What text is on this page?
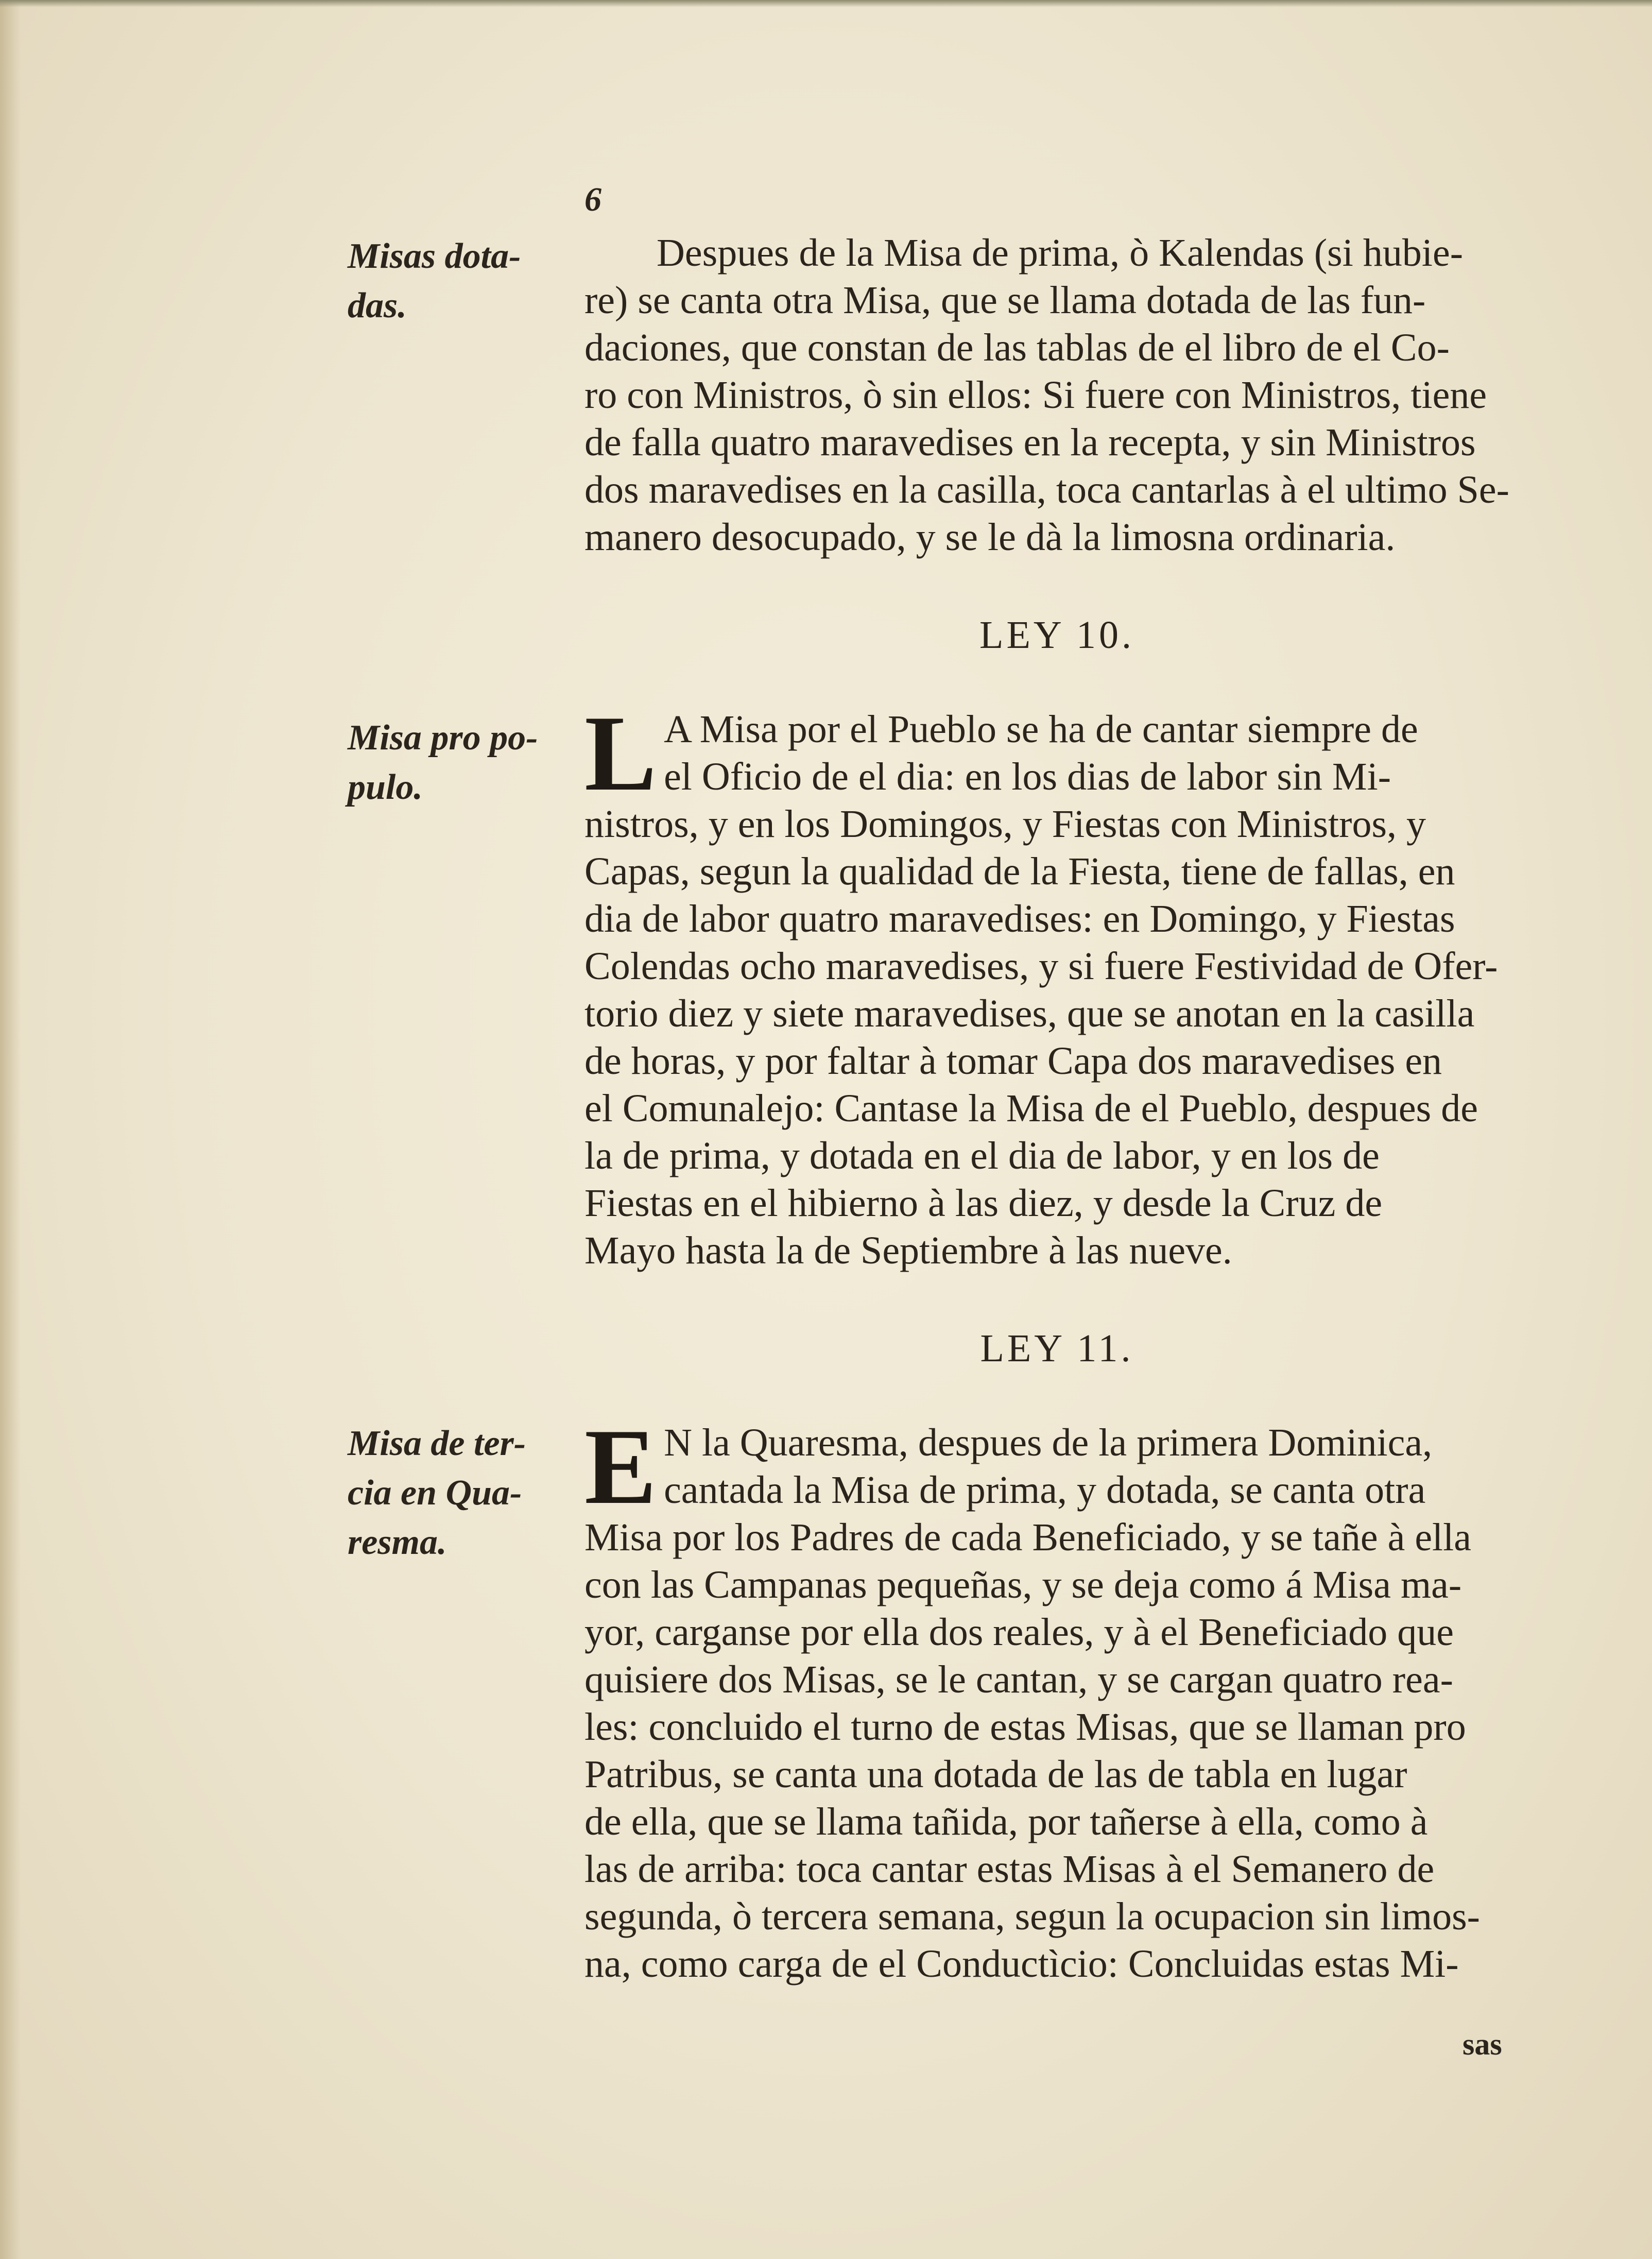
6
Misas dota-
das.
Despues de la Misa de prima, ò Kalendas (si hubie-
re) se canta otra Misa, que se llama dotada de las fun-
daciones, que constan de las tablas de el libro de el Co-
ro con Ministros, ò sin ellos: Si fuere con Ministros, tiene
de falla quatro maravedises en la recepta, y sin Ministros
dos maravedises en la casilla, toca cantarlas à el ultimo Se-
manero desocupado, y se le dà la limosna ordinaria.
LEY 10.
Misa pro po-
pulo.	L A Misa por el Pueblo se ha de cantar siempre de
el Oficio de el dia: en los dias de labor sin Mi-
nistros, y en los Domingos, y Fiestas con Ministros, y
Capas, segun la qualidad de la Fiesta, tiene de fallas, en
dia de labor quatro maravedises: en Domingo, y Fiestas
Colendas ocho maravedises, y si fuere Festividad de Ofer-
torio diez y siete maravedises, que se anotan en la casilla
de horas, y por faltar à tomar Capa dos maravedises en
el Comunalejo: Cantase la Misa de el Pueblo, despues de
la de prima, y dotada en el dia de labor, y en los de
Fiestas en el hibierno à las diez, y desde la Cruz de
Mayo hasta la de Septiembre à las nueve.
LEY 11.
Misa de ter-
cia en Qua-
resma.
E N la Quaresma, despues de la primera Dominica,
cantada la Misa de prima, y dotada, se canta otra
Misa por los Padres de cada Beneficiado, y se tañe à ella
con las Campanas pequeñas, y se deja como á Misa ma-
yor, carganse por ella dos reales, y à el Beneficiado que
quisiere dos Misas, se le cantan, y se cargan quatro rea-
les: concluido el turno de estas Misas, que se llaman pro
Patribus, se canta una dotada de las de tabla en lugar
de ella, que se llama tañida, por tañerse à ella, como à
las de arriba: toca cantar estas Misas à el Semanero de
segunda, ò tercera semana, segun la ocupacion sin limos-
na, como carga de el Conductìcio: Concluidas estas Mi-
sas
